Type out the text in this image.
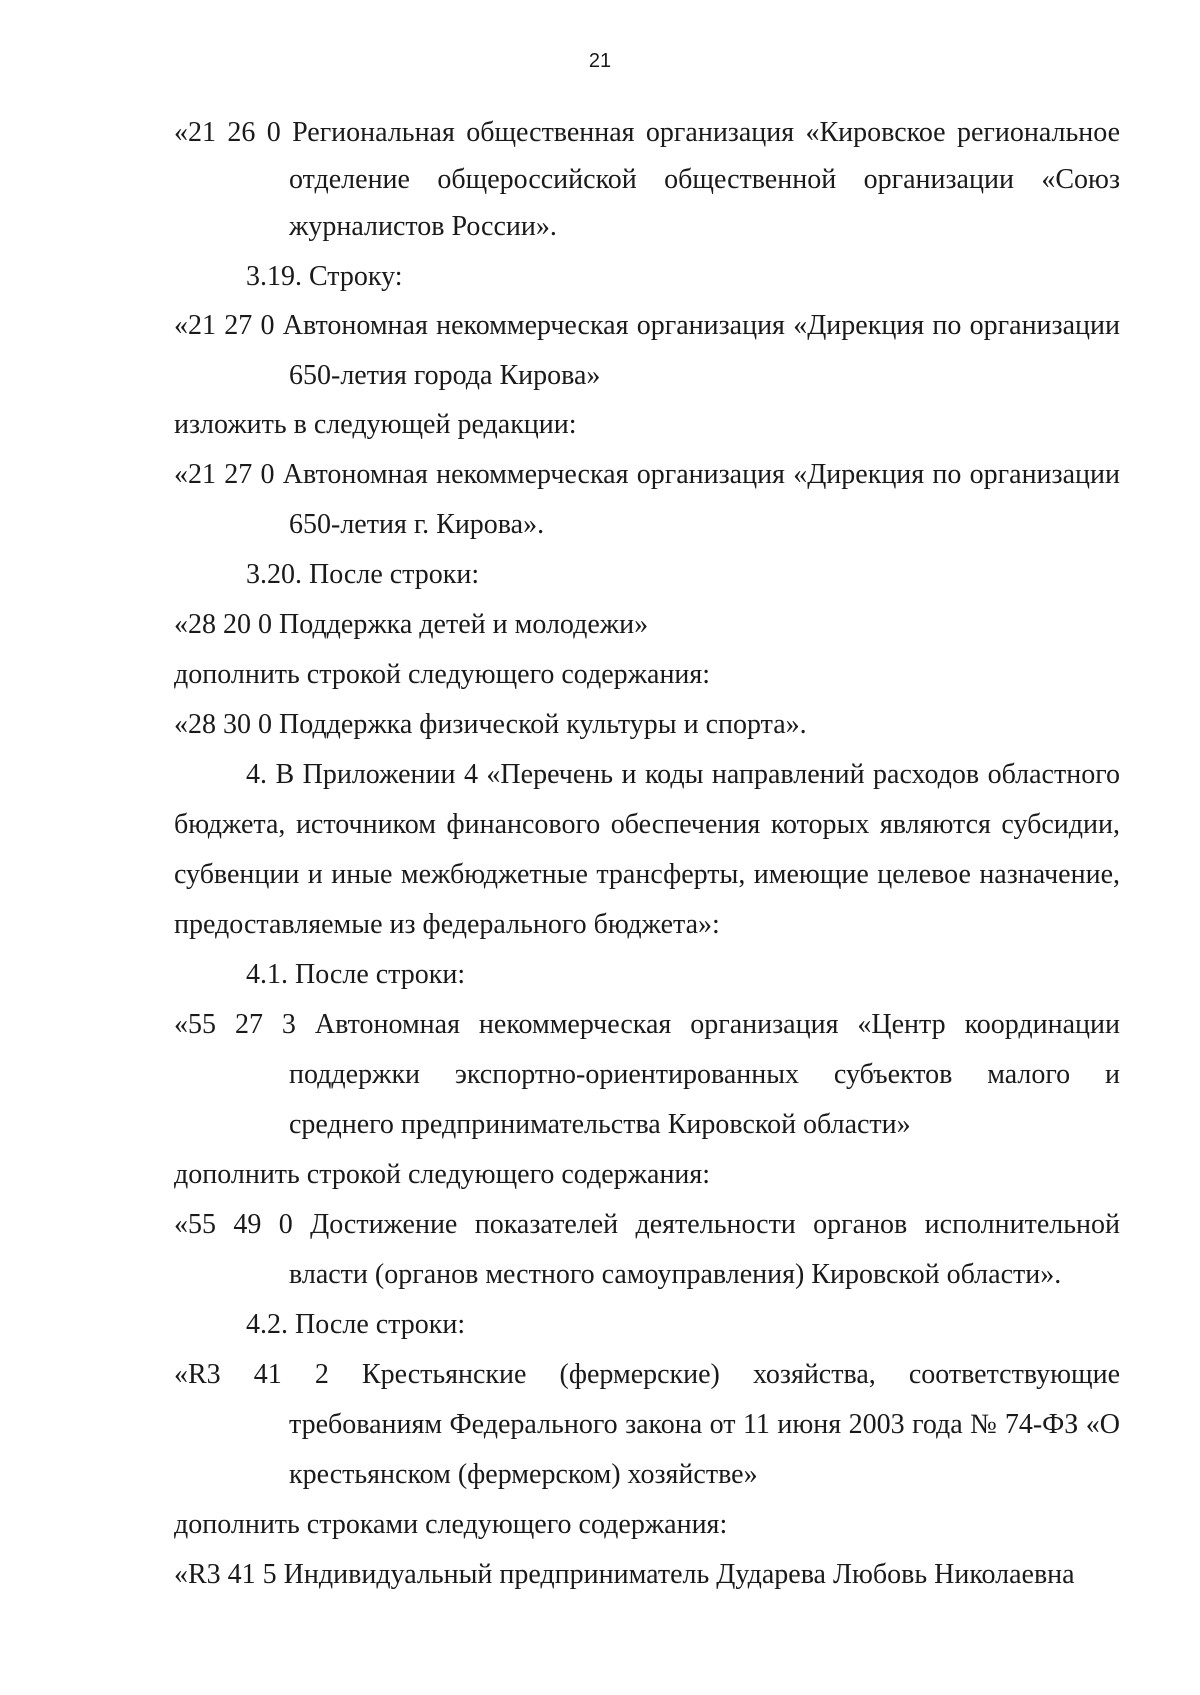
21
«21 26 0 Региональная общественная организация «Кировское региональное
отделение общероссийской общественной организации «Союз
журналистов России».
3.19. Строку:
«21 27 0 Автономная некоммерческая организация «Дирекция по организации
650-летия города Кирова»
изложить в следующей редакции:
«21 27 0 Автономная некоммерческая организация «Дирекция по организации
650-летия г. Кирова».
3.20. После строки:
«28 20 0 Поддержка детей и молодежи»
дополнить строкой следующего содержания:
«28 30 0 Поддержка физической культуры и спорта».
4. В Приложении 4 «Перечень и коды направлений расходов областного
бюджета, источником финансового обеспечения которых являются субсидии,
субвенции и иные межбюджетные трансферты, имеющие целевое назначение,
предоставляемые из федерального бюджета»:
4.1. После строки:
«55 27 3 Автономная некоммерческая организация «Центр координации
поддержки экспортно-ориентированных субъектов малого и
среднего предпринимательства Кировской области»
дополнить строкой следующего содержания:
«55 49 0 Достижение показателей деятельности органов исполнительной
власти (органов местного самоуправления) Кировской области».
4.2. После строки:
«R3 41 2 Крестьянские (фермерские) хозяйства, соответствующие
требованиям Федерального закона от 11 июня 2003 года № 74-ФЗ «О
крестьянском (фермерском) хозяйстве»
дополнить строками следующего содержания:
«R3 41 5 Индивидуальный предприниматель Дударева Любовь Николаевна
